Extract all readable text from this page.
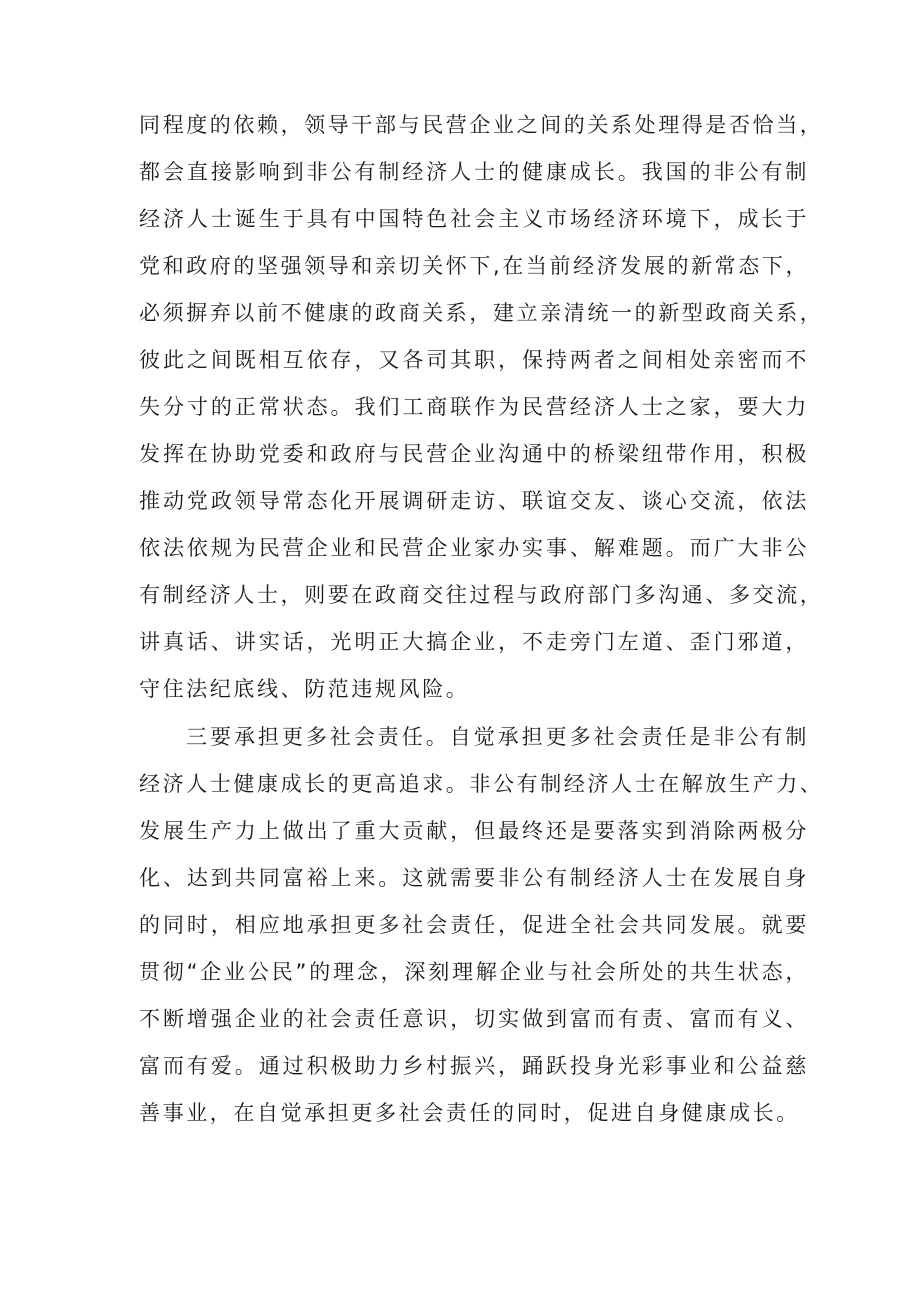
同程度的依赖，领导干部与民营企业之间的关系处理得是否恰当，
都会直接影响到非公有制经济人士的健康成长。我国的非公有制
经济人士诞生于具有中国特色社会主义市场经济环境下，成长于
党和政府的坚强领导和亲切关怀下,在当前经济发展的新常态下，
必须摒弃以前不健康的政商关系，建立亲清统一的新型政商关系，
彼此之间既相互依存，又各司其职，保持两者之间相处亲密而不
失分寸的正常状态。我们工商联作为民营经济人士之家，要大力
发挥在协助党委和政府与民营企业沟通中的桥梁纽带作用，积极
推动党政领导常态化开展调研走访、联谊交友、谈心交流，依法
依法依规为民营企业和民营企业家办实事、解难题。而广大非公
有制经济人士，则要在政商交往过程与政府部门多沟通、多交流，
讲真话、讲实话，光明正大搞企业，不走旁门左道、歪门邪道，
守住法纪底线、防范违规风险。
三要承担更多社会责任。自觉承担更多社会责任是非公有制
经济人士健康成长的更高追求。非公有制经济人士在解放生产力、
发展生产力上做出了重大贡献，但最终还是要落实到消除两极分
化、达到共同富裕上来。这就需要非公有制经济人士在发展自身
的同时，相应地承担更多社会责任，促进全社会共同发展。就要
贯彻“企业公民”的理念，深刻理解企业与社会所处的共生状态，
不断增强企业的社会责任意识，切实做到富而有责、富而有义、
富而有爱。通过积极助力乡村振兴，踊跃投身光彩事业和公益慈
善事业，在自觉承担更多社会责任的同时，促进自身健康成长。
